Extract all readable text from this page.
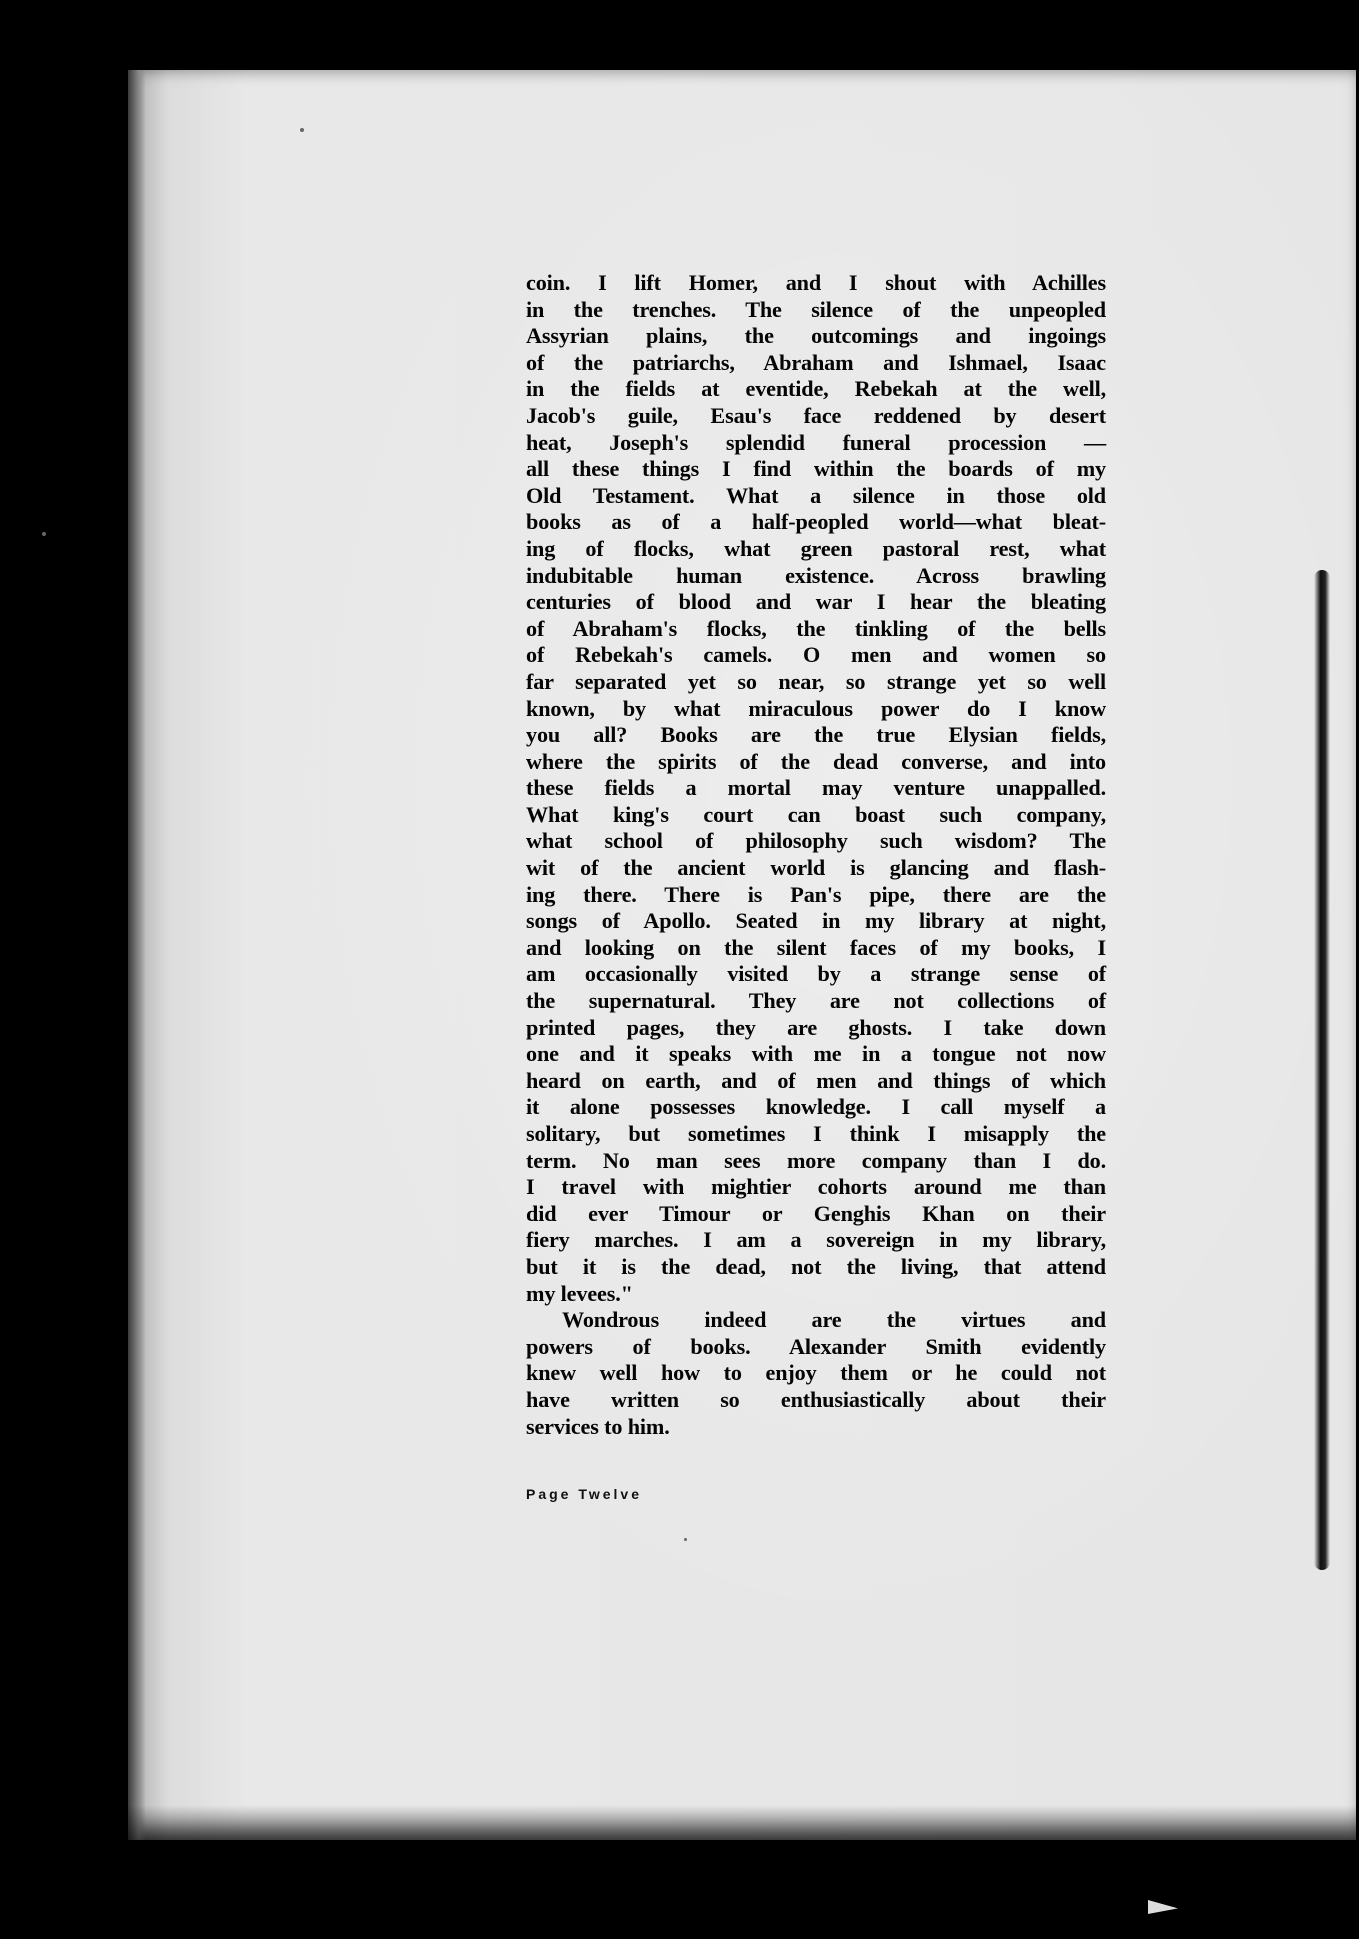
coin. I lift Homer, and I shout with Achilles
in the trenches. The silence of the unpeopled
Assyrian plains, the outcomings and ingoings
of the patriarchs, Abraham and Ishmael, Isaac
in the fields at eventide, Rebekah at the well,
Jacob's guile, Esau's face reddened by desert
heat, Joseph's splendid funeral procession —
all these things I find within the boards of my
Old Testament. What a silence in those old
books as of a half-peopled world—what bleat-
ing of flocks, what green pastoral rest, what
indubitable human existence. Across brawling
centuries of blood and war I hear the bleating
of Abraham's flocks, the tinkling of the bells
of Rebekah's camels. O men and women so
far separated yet so near, so strange yet so well
known, by what miraculous power do I know
you all? Books are the true Elysian fields,
where the spirits of the dead converse, and into
these fields a mortal may venture unappalled.
What king's court can boast such company,
what school of philosophy such wisdom? The
wit of the ancient world is glancing and flash-
ing there. There is Pan's pipe, there are the
songs of Apollo. Seated in my library at night,
and looking on the silent faces of my books, I
am occasionally visited by a strange sense of
the supernatural. They are not collections of
printed pages, they are ghosts. I take down
one and it speaks with me in a tongue not now
heard on earth, and of men and things of which
it alone possesses knowledge. I call myself a
solitary, but sometimes I think I misapply the
term. No man sees more company than I do.
I travel with mightier cohorts around me than
did ever Timour or Genghis Khan on their
fiery marches. I am a sovereign in my library,
but it is the dead, not the living, that attend
my levees."
Wondrous indeed are the virtues and
powers of books. Alexander Smith evidently
knew well how to enjoy them or he could not
have written so enthusiastically about their
services to him.
Page Twelve
